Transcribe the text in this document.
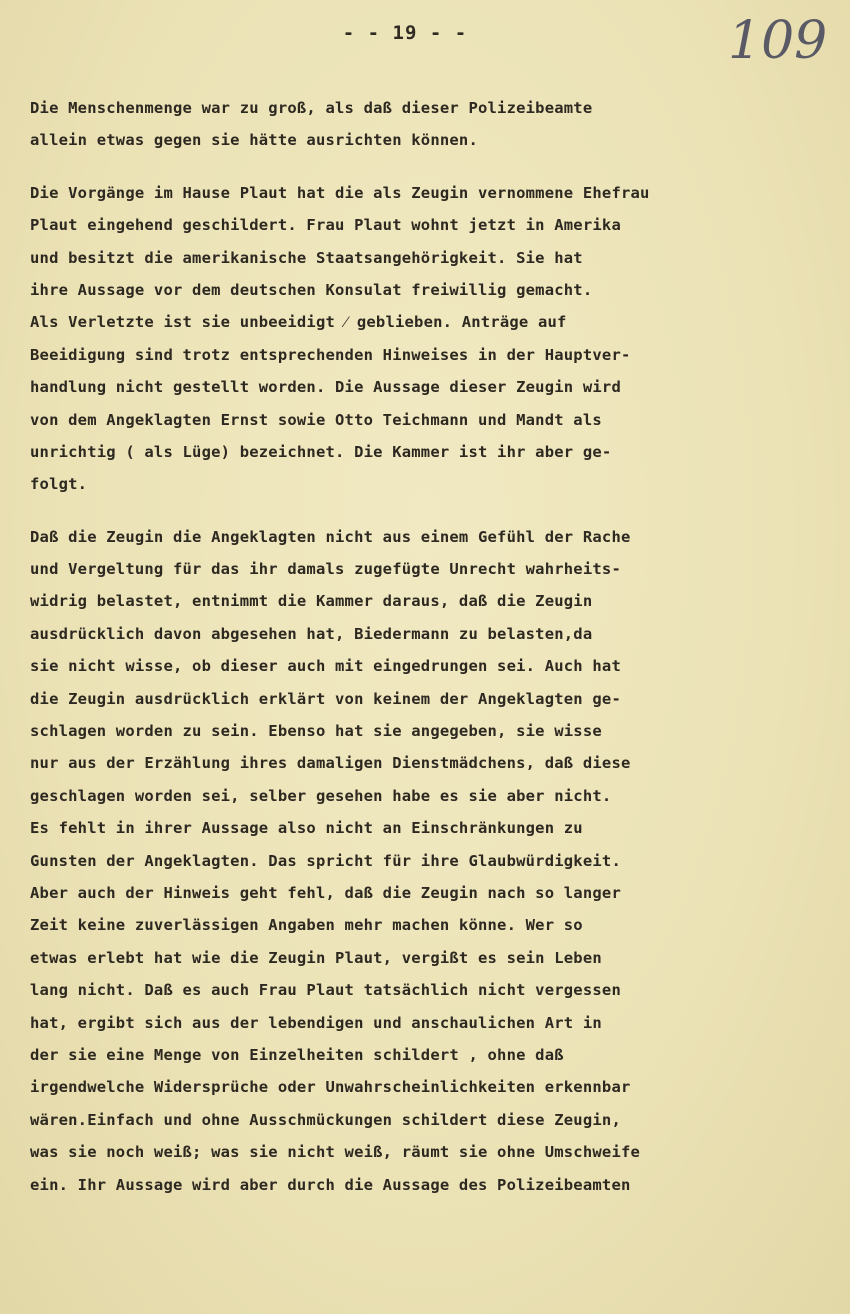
- - 19 - -	109
Die Menschenmenge war zu groß, als daß dieser Polizeibeamte
allein etwas gegen sie hätte ausrichten können.
Die Vorgänge im Hause Plaut hat die als Zeugin vernommene Ehefrau
Plaut eingehend geschildert. Frau Plaut wohnt jetzt in Amerika
und besitzt die amerikanische Staatsangehörigkeit. Sie hat
ihre Aussage vor dem deutschen Konsulat freiwillig gemacht.
Als Verletzte ist sie unbeeidigt ⁄ geblieben. Anträge auf
Beeidigung sind trotz entsprechenden Hinweises in der Hauptver-
handlung nicht gestellt worden. Die Aussage dieser Zeugin wird
von dem Angeklagten Ernst sowie Otto Teichmann und Mandt als
unrichtig ( als Lüge) bezeichnet. Die Kammer ist ihr aber ge-
folgt.
Daß die Zeugin die Angeklagten nicht aus einem Gefühl der Rache
und Vergeltung für das ihr damals zugefügte Unrecht wahrheits-
widrig belastet, entnimmt die Kammer daraus, daß die Zeugin
ausdrücklich davon abgesehen hat, Biedermann zu belasten,da
sie nicht wisse, ob dieser auch mit eingedrungen sei. Auch hat
die Zeugin ausdrücklich erklärt von keinem der Angeklagten ge-
schlagen worden zu sein. Ebenso hat sie angegeben, sie wisse
nur aus der Erzählung ihres damaligen Dienstmädchens, daß diese
geschlagen worden sei, selber gesehen habe es sie aber nicht.
Es fehlt in ihrer Aussage also nicht an Einschränkungen zu
Gunsten der Angeklagten. Das spricht für ihre Glaubwürdigkeit.
Aber auch der Hinweis geht fehl, daß die Zeugin nach so langer
Zeit keine zuverlässigen Angaben mehr machen könne. Wer so
etwas erlebt hat wie die Zeugin Plaut, vergißt es sein Leben
lang nicht. Daß es auch Frau Plaut tatsächlich nicht vergessen
hat, ergibt sich aus der lebendigen und anschaulichen Art in
der sie eine Menge von Einzelheiten schildert , ohne daß
irgendwelche Widersprüche oder Unwahrscheinlichkeiten erkennbar
wären.Einfach und ohne Ausschmückungen schildert diese Zeugin,
was sie noch weiß; was sie nicht weiß, räumt sie ohne Umschweife
ein. Ihr Aussage wird aber durch die Aussage des Polizeibeamten
